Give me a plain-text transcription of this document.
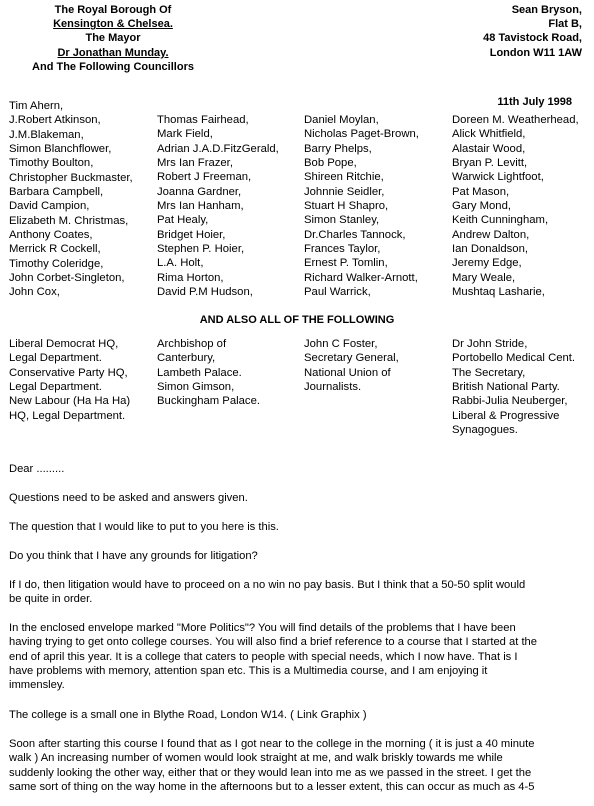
The Royal Borough Of
Kensington & Chelsea.
The Mayor
Dr Jonathan Munday.
And The Following Councillors
Sean Bryson,
Flat B,
48 Tavistock Road,
London W11 1AW
11th July 1998
Tim Ahern,
J.Robert Atkinson,
J.M.Blakeman,
Simon Blanchflower,
Timothy Boulton,
Christopher Buckmaster,
Barbara Campbell,
David Campion,
Elizabeth M. Christmas,
Anthony Coates,
Merrick R Cockell,
Timothy Coleridge,
John Corbet-Singleton,
John Cox,
Thomas Fairhead,
Mark Field,
Adrian J.A.D.FitzGerald,
Mrs Ian Frazer,
Robert J Freeman,
Joanna Gardner,
Mrs Ian Hanham,
Pat Healy,
Bridget Hoier,
Stephen P. Hoier,
L.A. Holt,
Rima Horton,
David P.M Hudson,
Daniel Moylan,
Nicholas Paget-Brown,
Barry Phelps,
Bob Pope,
Shireen Ritchie,
Johnnie Seidler,
Stuart H Shapro,
Simon Stanley,
Dr.Charles Tannock,
Frances Taylor,
Ernest P. Tomlin,
Richard Walker-Arnott,
Paul Warrick,
Doreen M. Weatherhead,
Alick Whitfield,
Alastair Wood,
Bryan P. Levitt,
Warwick Lightfoot,
Pat Mason,
Gary Mond,
Keith Cunningham,
Andrew Dalton,
Ian Donaldson,
Jeremy Edge,
Mary Weale,
Mushtaq Lasharie,
AND ALSO ALL OF THE FOLLOWING
Liberal Democrat HQ,
Legal Department.
Conservative Party HQ,
Legal Department.
New Labour (Ha Ha Ha)
HQ, Legal Department.
Archbishop of
Canterbury,
Lambeth Palace.
Simon Gimson,
Buckingham Palace.
John C Foster,
Secretary General,
National Union of
Journalists.
Dr John Stride,
Portobello Medical Cent.
The Secretary,
British National Party.
Rabbi-Julia Neuberger,
Liberal & Progressive
Synagogues.
Dear .........
Questions need to be asked and answers given.
The question that I would like to put to you here is this.
Do you think that I have any grounds for litigation?
If I do, then litigation would have to proceed on a no win no pay basis. But I think that a 50-50 split would
be quite in order.
In the enclosed envelope marked "More Politics"? You will find details of the problems that I have been
having trying to get onto college courses. You will also find a brief reference to a course that I started at the
end of april this year. It is a college that caters to people with special needs, which I now have. That is I
have problems with memory, attention span etc. This is a Multimedia course, and I am enjoying it
immensley.
The college is a small one in Blythe Road, London W14. ( Link Graphix )
Soon after starting this course I found that as I got near to the college in the morning ( it is just a 40 minute
walk ) An increasing number of women would look straight at me, and walk briskly towards me while
suddenly looking the other way, either that or they would lean into me as we passed in the street. I get the
same sort of thing on the way home in the afternoons but to a lesser extent, this can occur as much as 4-5
